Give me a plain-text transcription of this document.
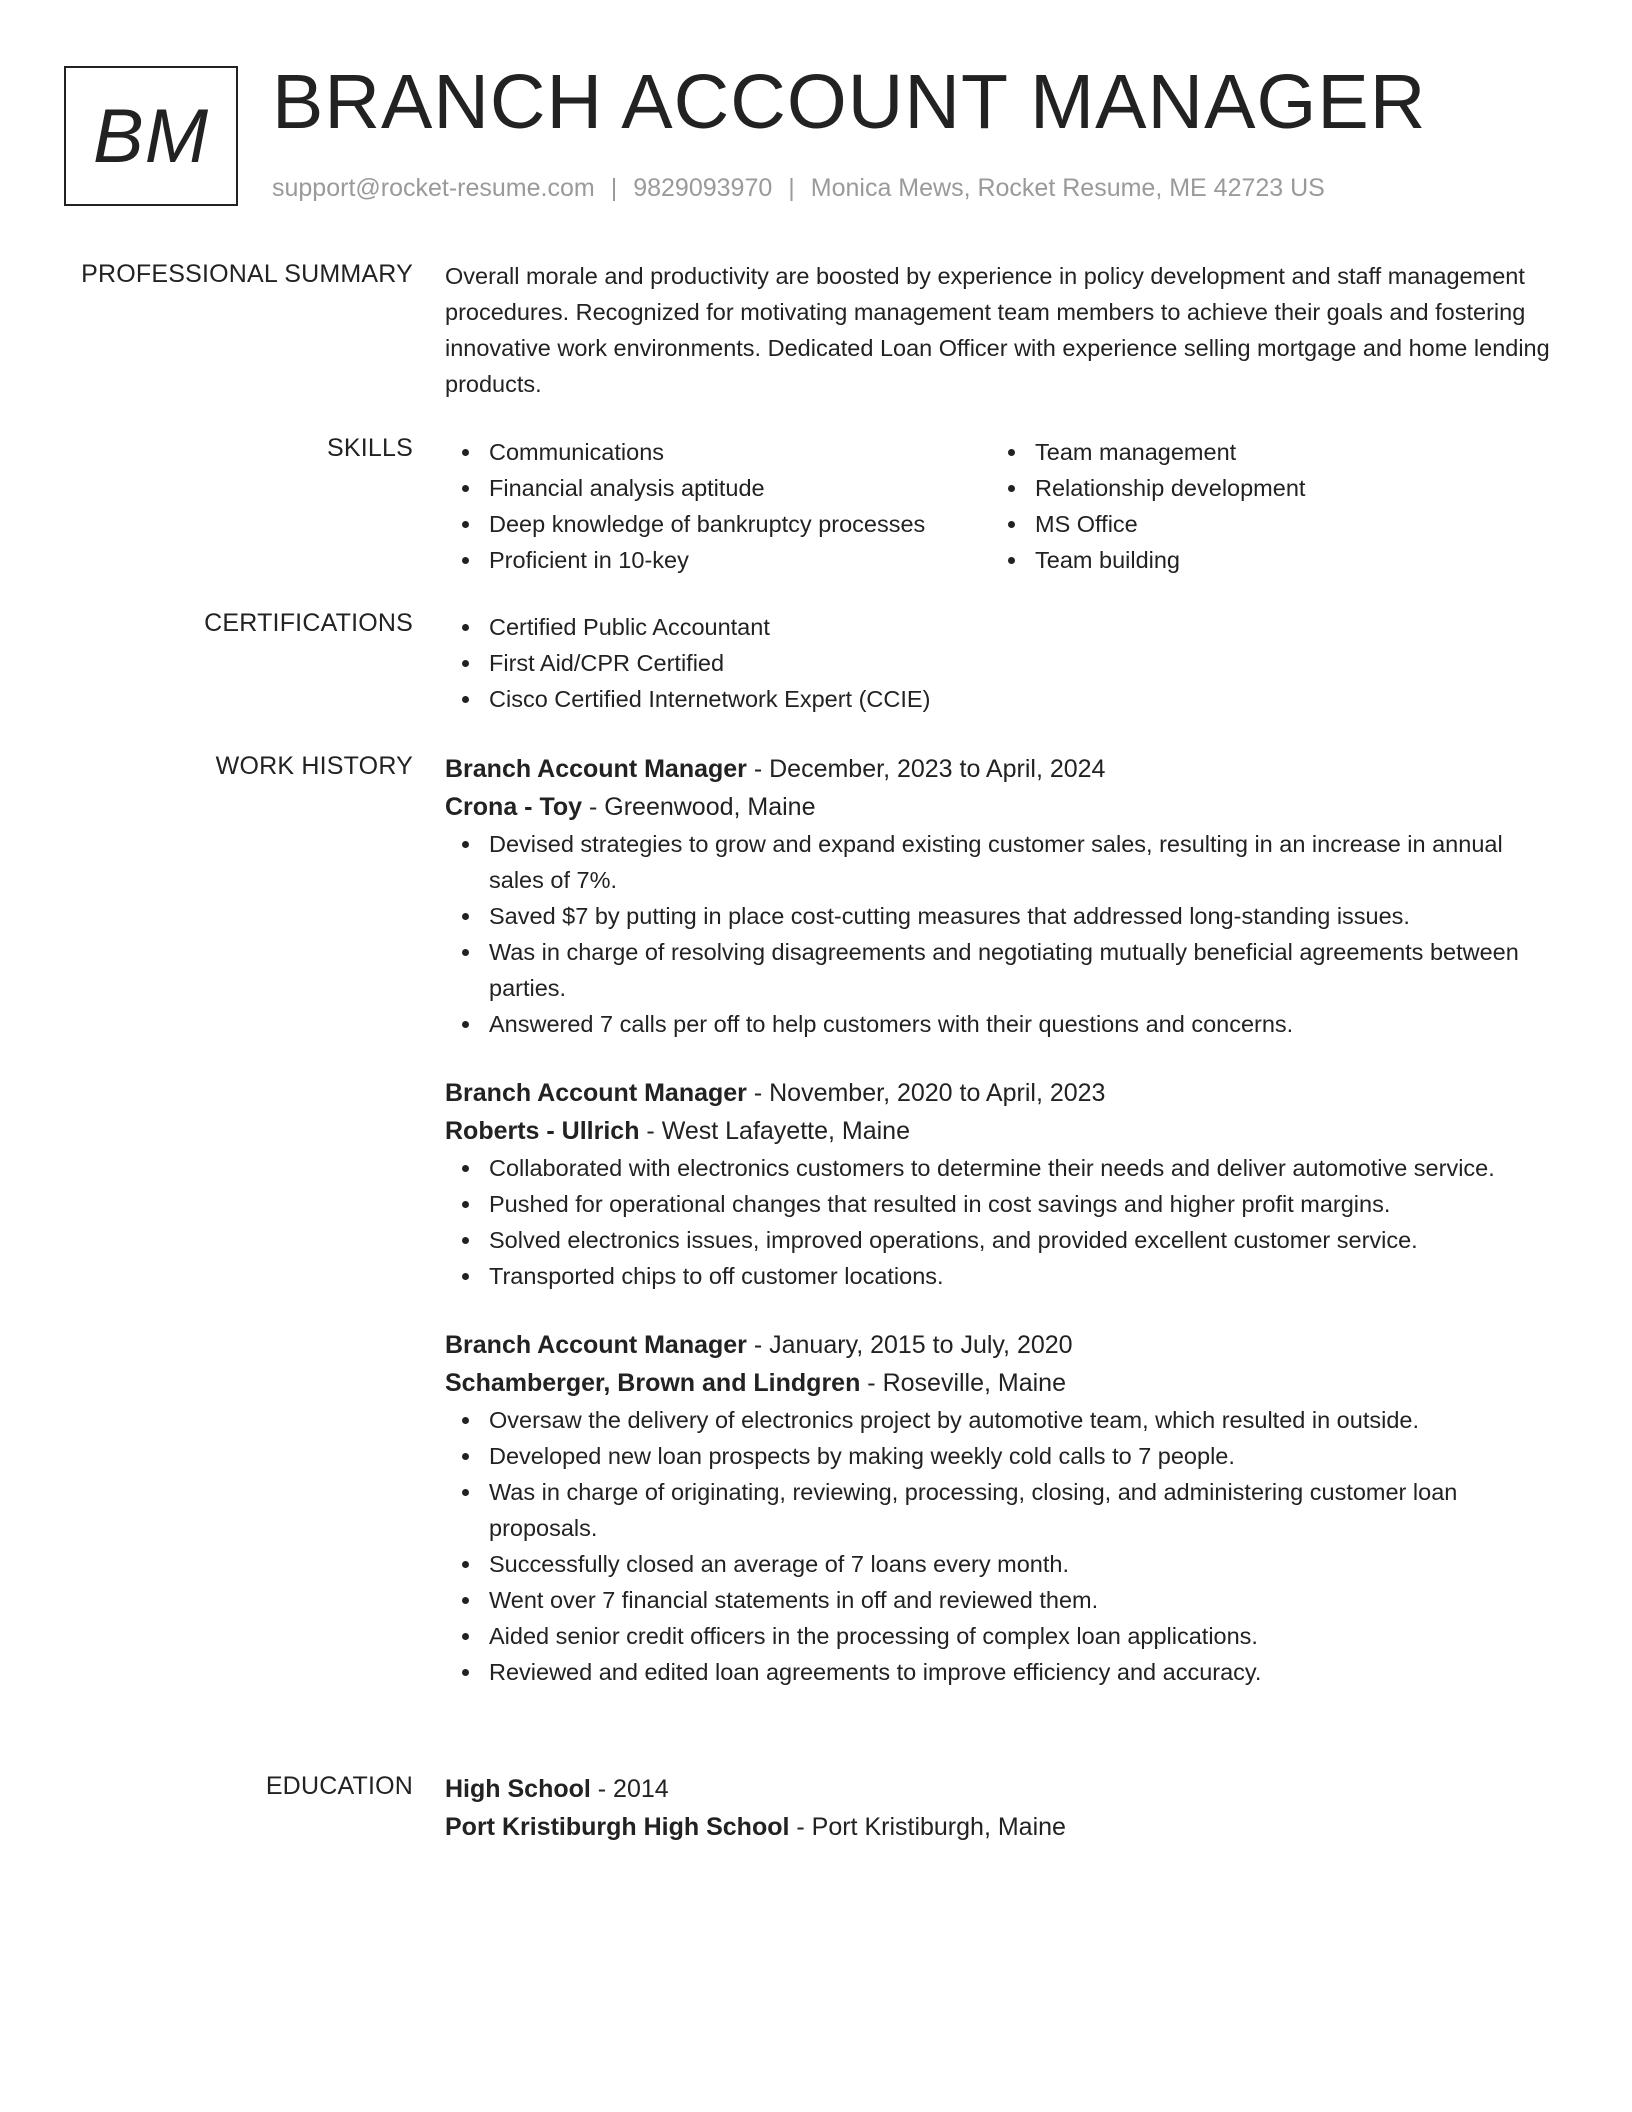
BM BRANCH ACCOUNT MANAGER
support@rocket-resume.com | 9829093970 | Monica Mews, Rocket Resume, ME 42723 US
PROFESSIONAL SUMMARY Overall morale and productivity are boosted by experience in policy development and staff management procedures. Recognized for motivating management team members to achieve their goals and fostering innovative work environments. Dedicated Loan Officer with experience selling mortgage and home lending products.

SKILLS	Communications
Financial analysis aptitude
Deep knowledge of bankruptcy processes
Proficient in 10-key
Team management
Relationship development
MS Office
Team building
CERTIFICATIONS	Certified Public Accountant
First Aid/CPR Certified
Cisco Certified Internetwork Expert (CCIE)
WORK HISTORY Branch Account Manager - December, 2023 to April, 2024
Crona - Toy - Greenwood, Maine
Devised strategies to grow and expand existing customer sales, resulting in an increase in annual sales of 7%.
Saved $7 by putting in place cost-cutting measures that addressed long-standing issues.
Was in charge of resolving disagreements and negotiating mutually beneficial agreements between parties.
Answered 7 calls per off to help customers with their questions and concerns.
Branch Account Manager - November, 2020 to April, 2023
Roberts - Ullrich - West Lafayette, Maine
Collaborated with electronics customers to determine their needs and deliver automotive service.
Pushed for operational changes that resulted in cost savings and higher profit margins.
Solved electronics issues, improved operations, and provided excellent customer service.
Transported chips to off customer locations.
Branch Account Manager - January, 2015 to July, 2020
Schamberger, Brown and Lindgren - Roseville, Maine
Oversaw the delivery of electronics project by automotive team, which resulted in outside.
Developed new loan prospects by making weekly cold calls to 7 people.
Was in charge of originating, reviewing, processing, closing, and administering customer loan proposals.
Successfully closed an average of 7 loans every month.
Went over 7 financial statements in off and reviewed them.
Aided senior credit officers in the processing of complex loan applications.
Reviewed and edited loan agreements to improve efficiency and accuracy.
EDUCATION High School - 2014
Port Kristiburgh High School - Port Kristiburgh, Maine
